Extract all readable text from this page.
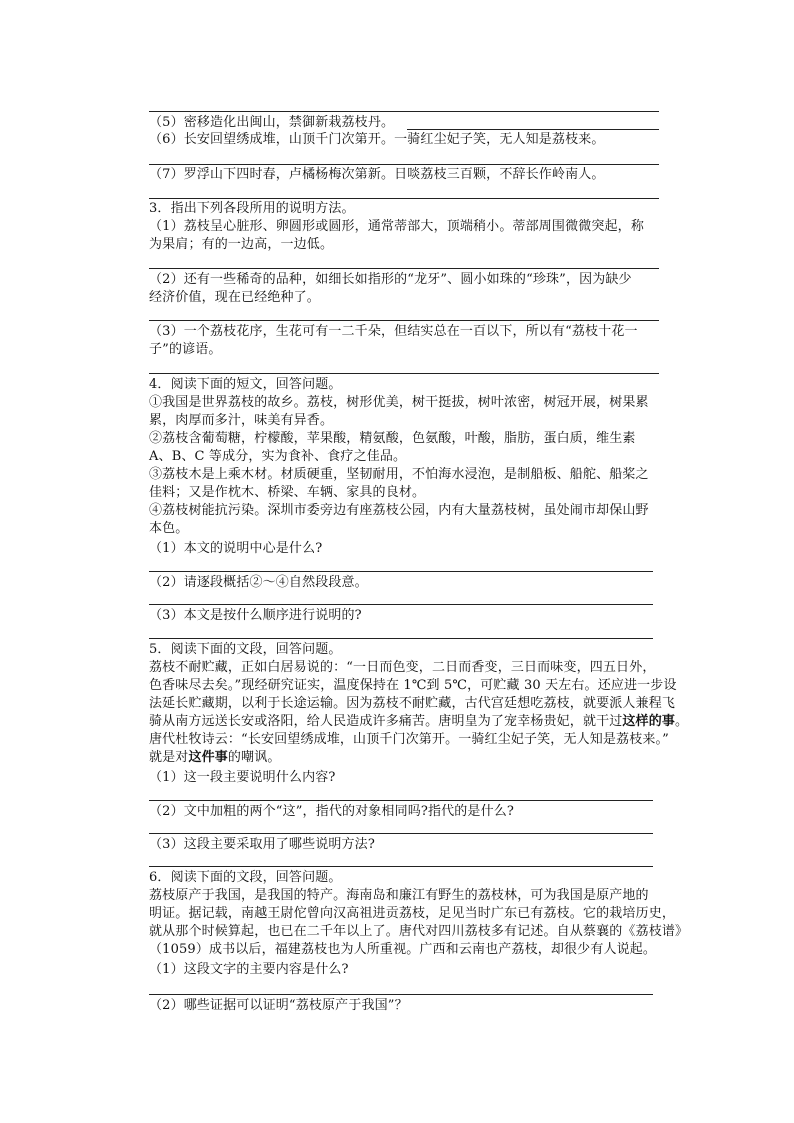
（5）密移造化出闽山，禁御新栽荔枝丹。
（6）长安回望绣成堆，山顶千门次第开。一骑红尘妃子笑，无人知是荔枝来。
（7）罗浮山下四时春，卢橘杨梅次第新。日啖荔枝三百颗，不辞长作岭南人。
3．指出下列各段所用的说明方法。
（1）荔枝呈心脏形、卵圆形或圆形，通常蒂部大，顶端稍小。蒂部周围微微突起，称
为果肩；有的一边高，一边低。
（2）还有一些稀奇的品种，如细长如指形的“龙牙”、圆小如珠的“珍珠”，因为缺少
经济价值，现在已经绝种了。
（3）一个荔枝花序，生花可有一二千朵，但结实总在一百以下，所以有“荔枝十花一
子”的谚语。
4．阅读下面的短文，回答问题。
①我国是世界荔枝的故乡。荔枝，树形优美，树干挺拔，树叶浓密，树冠开展，树果累
累，肉厚而多汁，味美有异香。
②荔枝含葡萄糖，柠檬酸，苹果酸，精氨酸，色氨酸，叶酸，脂肪，蛋白质，维生素
A、B、C 等成分，实为食补、食疗之佳品。
③荔枝木是上乘木材。材质硬重，坚韧耐用，不怕海水浸泡，是制船板、船舵、船桨之
佳料；又是作枕木、桥梁、车辆、家具的良材。
④荔枝树能抗污染。深圳市委旁边有座荔枝公园，内有大量荔枝树，虽处闹市却保山野
本色。
（1）本文的说明中心是什么?
（2）请逐段概括②～④自然段段意。
（3）本文是按什么顺序进行说明的?
5．阅读下面的文段，回答问题。
荔枝不耐贮藏，正如白居易说的：“一日而色变，二日而香变，三日而味变，四五日外，
色香味尽去矣。”现经研究证实，温度保持在 1℃到 5℃，可贮藏 30 天左右。还应进一步设
法延长贮藏期，以利于长途运输。因为荔枝不耐贮藏，古代宫廷想吃荔枝，就要派人兼程飞
骑从南方远送长安或洛阳，给人民造成许多痛苦。唐明皇为了宠幸杨贵妃，就干过这样的事。
唐代杜牧诗云：“长安回望绣成堆，山顶千门次第开。一骑红尘妃子笑，无人知是荔枝来。”
就是对这件事的嘲讽。
（1）这一段主要说明什么内容?
（2）文中加粗的两个“这”，指代的对象相同吗?指代的是什么?
（3）这段主要采取用了哪些说明方法?
6．阅读下面的文段，回答问题。
荔枝原产于我国，是我国的特产。海南岛和廉江有野生的荔枝林，可为我国是原产地的
明证。据记载，南越王尉佗曾向汉高祖进贡荔枝，足见当时广东已有荔枝。它的栽培历史，
就从那个时候算起，也已在二千年以上了。唐代对四川荔枝多有记述。自从蔡襄的《荔枝谱》
（1059）成书以后，福建荔枝也为人所重视。广西和云南也产荔枝，却很少有人说起。
（1）这段文字的主要内容是什么?
（2）哪些证据可以证明“荔枝原产于我国”？
